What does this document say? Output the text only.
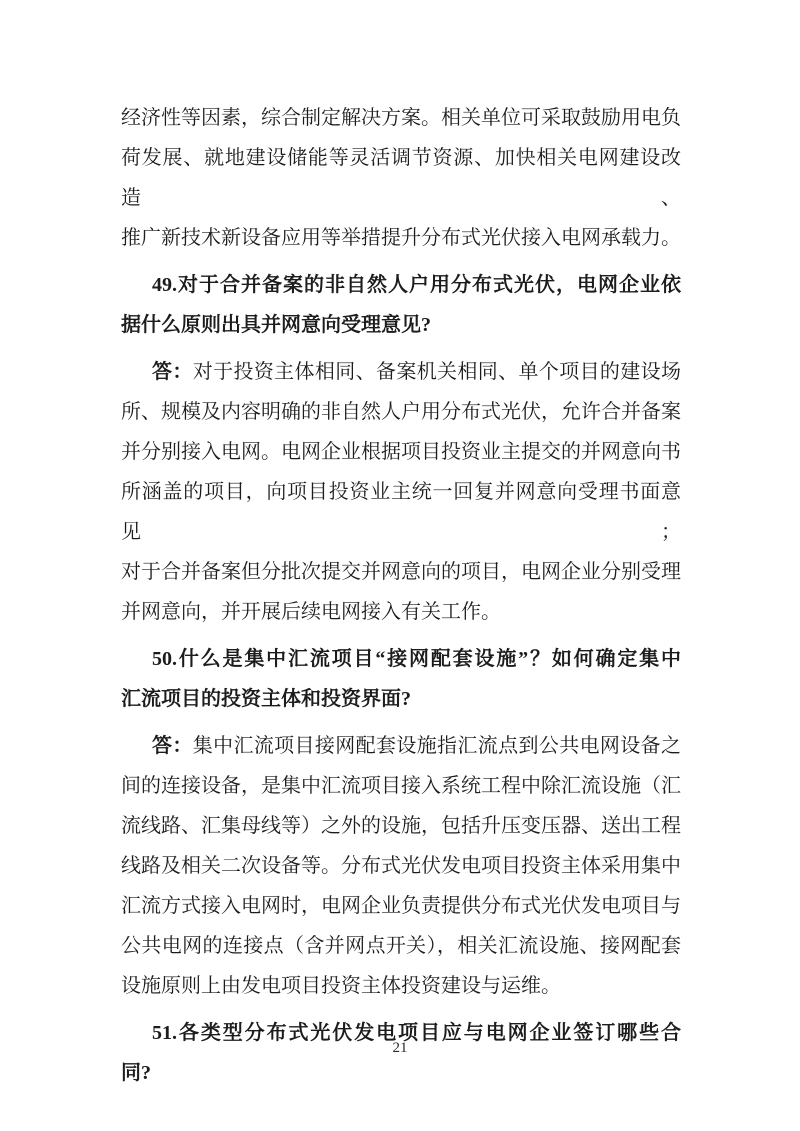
经济性等因素，综合制定解决方案。相关单位可采取鼓励用电负
荷发展、就地建设储能等灵活调节资源、加快相关电网建设改造、
推广新技术新设备应用等举措提升分布式光伏接入电网承载力。
49.对于合并备案的非自然人户用分布式光伏，电网企业依
据什么原则出具并网意向受理意见?
答：对于投资主体相同、备案机关相同、单个项目的建设场
所、规模及内容明确的非自然人户用分布式光伏，允许合并备案
并分别接入电网。电网企业根据项目投资业主提交的并网意向书
所涵盖的项目，向项目投资业主统一回复并网意向受理书面意见；
对于合并备案但分批次提交并网意向的项目，电网企业分别受理
并网意向，并开展后续电网接入有关工作。
50.什么是集中汇流项目“接网配套设施”？如何确定集中
汇流项目的投资主体和投资界面?
答：集中汇流项目接网配套设施指汇流点到公共电网设备之
间的连接设备，是集中汇流项目接入系统工程中除汇流设施（汇
流线路、汇集母线等）之外的设施，包括升压变压器、送出工程
线路及相关二次设备等。分布式光伏发电项目投资主体采用集中
汇流方式接入电网时，电网企业负责提供分布式光伏发电项目与
公共电网的连接点（含并网点开关），相关汇流设施、接网配套
设施原则上由发电项目投资主体投资建设与运维。
51.各类型分布式光伏发电项目应与电网企业签订哪些合
同?
21
